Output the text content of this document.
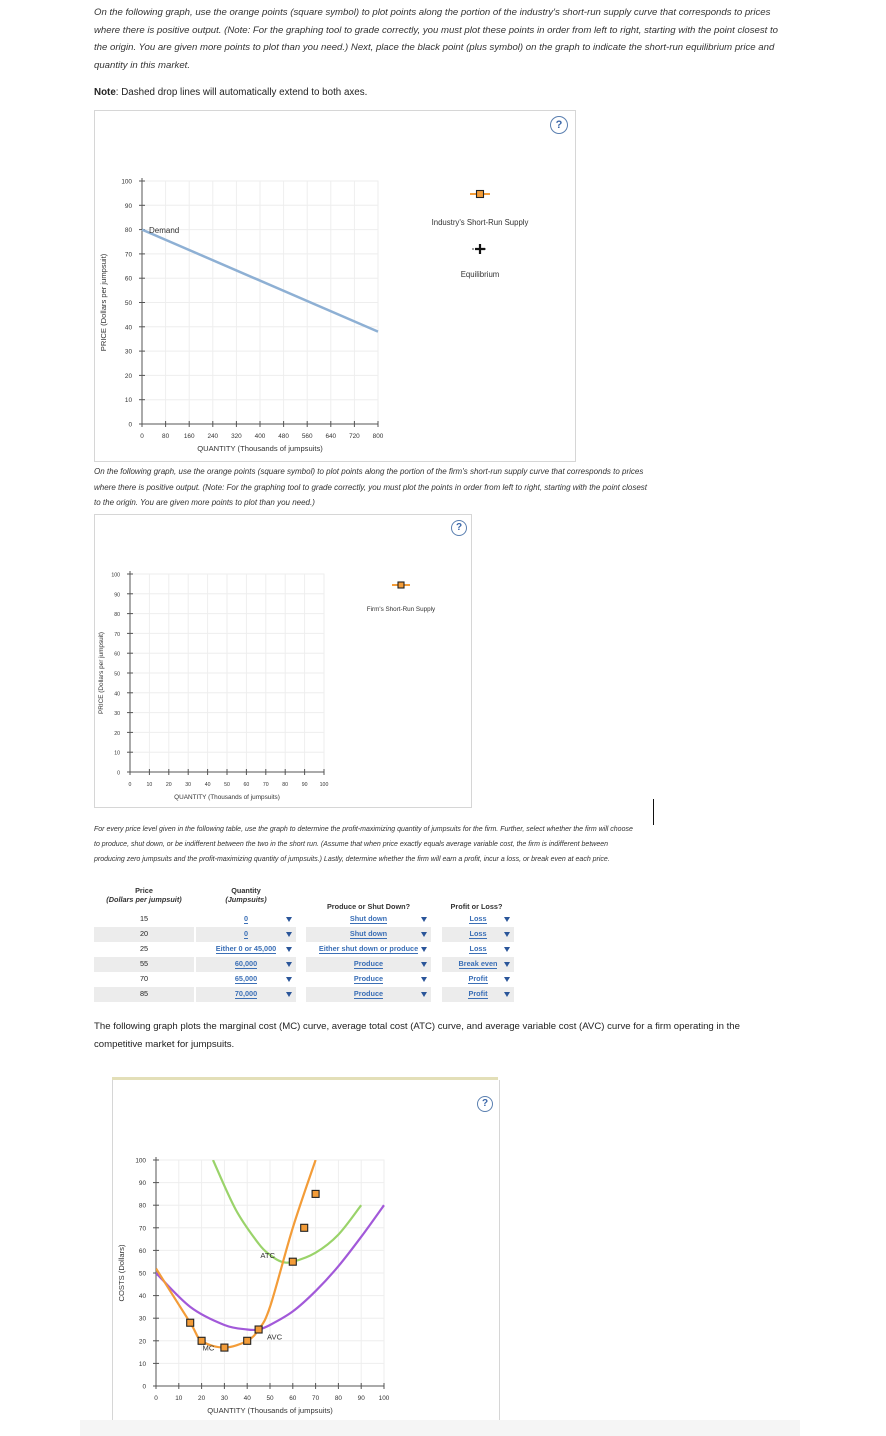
On the following graph, use the orange points (square symbol) to plot points along the portion of the industry's short-run supply curve that corresponds to prices where there is positive output. (Note: For the graphing tool to grade correctly, you must plot these points in order from left to right, starting with the point closest to the origin. You are given more points to plot than you need.) Next, place the black point (plus symbol) on the graph to indicate the short-run equilibrium price and quantity in this market.
Note: Dashed drop lines will automatically extend to both axes.
?
0
10
20
30
40
50
60
70
80
90
100
0	80 160 240 320 400 480 560 640 720 800
QUANTITY (Thousands of jumpsuits)
PRICE (Dollars per jumpsuit)
Demand
Industry's Short-Run Supply
Equilibrium
On the following graph, use the orange points (square symbol) to plot points along the portion of the firm's short-run supply curve that corresponds to prices where there is positive output. (Note: For the graphing tool to grade correctly, you must plot the points in order from left to right, starting with the point closest to the origin. You are given more points to plot than you need.)
?
0
10
20
30
40
50
60
70
80
90
100
0	10	20	30	40	50	60	70	80	90 100
QUANTITY (Thousands of jumpsuits)
PRICE (Dollars per jumpsuit)
Firm's Short-Run Supply
For every price level given in the following table, use the graph to determine the profit-maximizing quantity of jumpsuits for the firm. Further, select whether the firm will choose to produce, shut down, or be indifferent between the two in the short run. (Assume that when price exactly equals average variable cost, the firm is indifferent between producing zero jumpsuits and the profit-maximizing quantity of jumpsuits.) Lastly, determine whether the firm will earn a profit, incur a loss, or break even at each price.
Price
(Dollars per jumpsuit)
Quantity
(Jumpsuits)
Produce or Shut Down?	Profit or Loss?
15	0	Shut down	Loss
20	0	Shut down	Loss
25	Either 0 or 45,000	Either shut down or produce	Loss
55	60,000	Produce	Break even
70	65,000	Produce	Profit
85	70,000	Produce	Profit
The following graph plots the marginal cost (MC) curve, average total cost (ATC) curve, and average variable cost (AVC) curve for a firm operating in the competitive market for jumpsuits.
?
0
10
20
30
40
50
60
70
80
90
100
0	10 20 30 40 50 60 70 80 90 100
QUANTITY (Thousands of jumpsuits)
COSTS (Dollars)	ATC
AVC
MC
